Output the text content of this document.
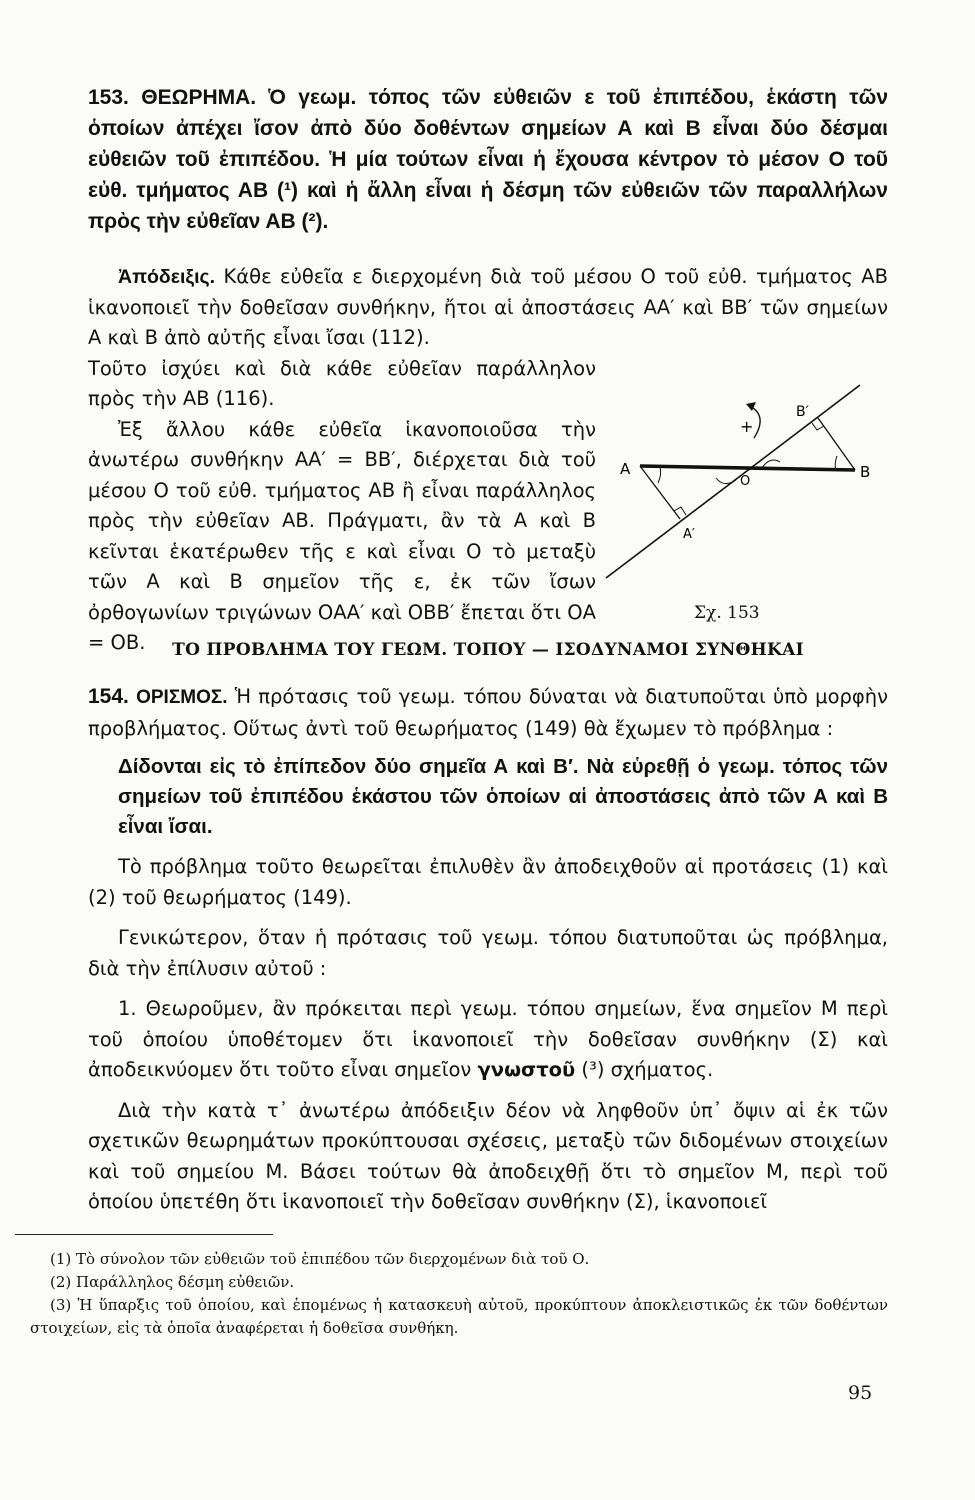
153. ΘΕΩΡΗΜΑ. Ὁ γεωμ. τόπος τῶν εὐθειῶν ε τοῦ ἐπιπέδου, ἑκάστη τῶν ὁποίων ἀπέχει ἴσον ἀπὸ δύο δοθέντων σημείων Α καὶ Β εἶναι δύο δέσμαι εὐθειῶν τοῦ ἐπιπέδου. Ἡ μία τούτων εἶναι ἡ ἔχουσα κέντρον τὸ μέσον Ο τοῦ εὐθ. τμήματος ΑΒ (¹) καὶ ἡ ἄλλη εἶναι ἡ δέσμη τῶν εὐθειῶν τῶν παραλλήλων πρὸς τὴν εὐθεῖαν ΑΒ (²).

Ἀπόδειξις. Κάθε εὐθεῖα ε διερχομένη διὰ τοῦ μέσου Ο τοῦ εὐθ. τμήματος ΑΒ ἱκανοποιεῖ τὴν δοθεῖσαν συνθήκην, ἤτοι αἱ ἀποστάσεις ΑΑ′ καὶ ΒΒ′ τῶν σημείων Α καὶ Β ἀπὸ αὐτῆς εἶναι ἴσαι (112).

Τοῦτο ἰσχύει καὶ διὰ κάθε εὐθεῖαν παράλληλον πρὸς τὴν ΑΒ (116).

Ἐξ ἄλλου κάθε εὐθεῖα ἱκανοποιοῦσα τὴν ἀνωτέρω συνθήκην ΑΑ′ = ΒΒ′, διέρχεται διὰ τοῦ μέσου Ο τοῦ εὐθ. τμήματος ΑΒ ἢ εἶναι παράλληλος πρὸς τὴν εὐθεῖαν ΑΒ. Πράγματι, ἂν τὰ Α καὶ Β κεῖνται ἑκατέρωθεν τῆς ε καὶ εἶναι Ο τὸ μεταξὺ τῶν Α καὶ Β σημεῖον τῆς ε, ἐκ τῶν ἴσων ὀρθογωνίων τριγώνων ΟΑΑ′ καὶ ΟΒΒ′ ἔπεται ὅτι ΟΑ = ΟΒ.

+
Α	Β
Ο
Α′
Β′
Σχ. 153
ΤΟ ΠΡΟΒΛΗΜΑ ΤΟΥ ΓΕΩΜ. ΤΟΠΟΥ — ΙΣΟΔΥΝΑΜΟΙ ΣΥΝΘΗΚΑΙ

154. ΟΡΙΣΜΟΣ. Ἡ πρότασις τοῦ γεωμ. τόπου δύναται νὰ διατυποῦται ὑπὸ μορφὴν προβλήματος. Οὕτως ἀντὶ τοῦ θεωρήματος (149) θὰ ἔχωμεν τὸ πρόβλημα :

Δίδονται εἰς τὸ ἐπίπεδον δύο σημεῖα Α καὶ Β′. Νὰ εὑρεθῇ ὁ γεωμ. τόπος τῶν σημείων τοῦ ἐπιπέδου ἑκάστου τῶν ὁποίων αἱ ἀποστάσεις ἀπὸ τῶν Α καὶ Β εἶναι ἴσαι.

Τὸ πρόβλημα τοῦτο θεωρεῖται ἐπιλυθὲν ἂν ἀποδειχθοῦν αἱ προτάσεις (1) καὶ (2) τοῦ θεωρήματος (149).

Γενικώτερον, ὅταν ἡ πρότασις τοῦ γεωμ. τόπου διατυποῦται ὡς πρόβλημα, διὰ τὴν ἐπίλυσιν αὐτοῦ :

1. Θεωροῦμεν, ἂν πρόκειται περὶ γεωμ. τόπου σημείων, ἕνα σημεῖον Μ περὶ τοῦ ὁποίου ὑποθέτομεν ὅτι ἱκανοποιεῖ τὴν δοθεῖσαν συνθήκην (Σ) καὶ ἀποδεικνύομεν ὅτι τοῦτο εἶναι σημεῖον γνωστοῦ (³) σχήματος.

Διὰ τὴν κατὰ τ᾽ ἀνωτέρω ἀπόδειξιν δέον νὰ ληφθοῦν ὑπ᾽ ὄψιν αἱ ἐκ τῶν σχετικῶν θεωρημάτων προκύπτουσαι σχέσεις, μεταξὺ τῶν διδομένων στοιχείων καὶ τοῦ σημείου Μ. Βάσει τούτων θὰ ἀποδειχθῇ ὅτι τὸ σημεῖον Μ, περὶ τοῦ ὁποίου ὑπετέθη ὅτι ἱκανοποιεῖ τὴν δοθεῖσαν συνθήκην (Σ), ἱκανοποιεῖ

(1) Τὸ σύνολον τῶν εὐθειῶν τοῦ ἐπιπέδου τῶν διερχομένων διὰ τοῦ Ο.

(2) Παράλληλος δέσμη εὐθειῶν.

(3) Ἡ ὕπαρξις τοῦ ὁποίου, καὶ ἑπομένως ἡ κατασκευὴ αὐτοῦ, προκύπτουν ἀποκλειστικῶς ἐκ τῶν δοθέντων στοιχείων, εἰς τὰ ὁποῖα ἀναφέρεται ἡ δοθεῖσα συνθήκη.

95
